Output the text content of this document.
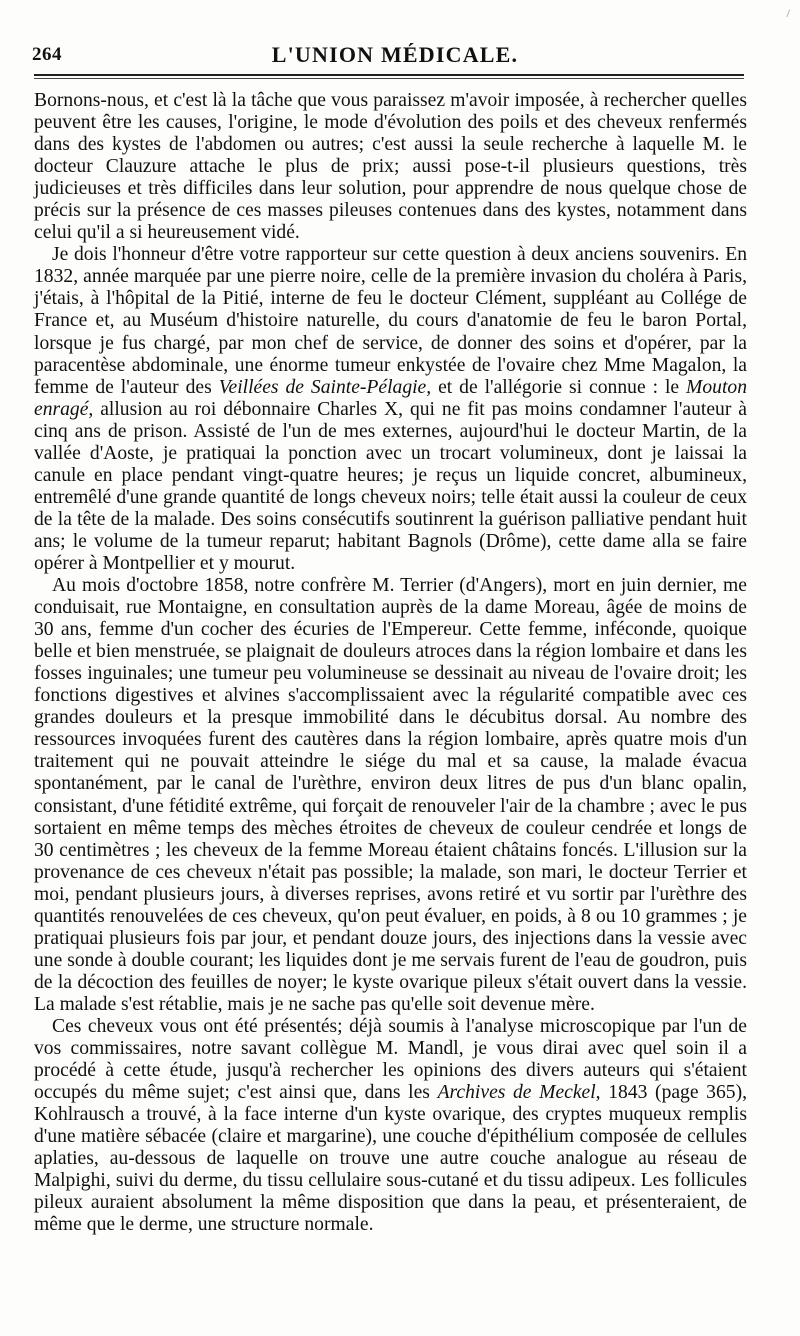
/
264	L'UNION MÉDICALE.

Bornons-nous, et c'est là la tâche que vous paraissez m'avoir imposée, à rechercher quelles peuvent être les causes, l'origine, le mode d'évolution des poils et des cheveux renfermés dans des kystes de l'abdomen ou autres; c'est aussi la seule recherche à laquelle M. le docteur Clauzure attache le plus de prix; aussi pose-t-il plusieurs questions, très judicieuses et très difficiles dans leur solution, pour apprendre de nous quelque chose de précis sur la présence de ces masses pileuses contenues dans des kystes, notamment dans celui qu'il a si heureusement vidé.

Je dois l'honneur d'être votre rapporteur sur cette question à deux anciens souvenirs. En 1832, année marquée par une pierre noire, celle de la première invasion du choléra à Paris, j'étais, à l'hôpital de la Pitié, interne de feu le docteur Clément, suppléant au Collége de France et, au Muséum d'histoire naturelle, du cours d'anatomie de feu le baron Portal, lorsque je fus chargé, par mon chef de service, de donner des soins et d'opérer, par la paracentèse abdominale, une énorme tumeur enkystée de l'ovaire chez Mme Magalon, la femme de l'auteur des Veillées de Sainte-Pélagie, et de l'allégorie si connue : le Mouton enragé, allusion au roi débonnaire Charles X, qui ne fit pas moins condamner l'auteur à cinq ans de prison. Assisté de l'un de mes externes, aujourd'hui le docteur Martin, de la vallée d'Aoste, je pratiquai la ponction avec un trocart volumineux, dont je laissai la canule en place pendant vingt-quatre heures; je reçus un liquide concret, albumineux, entremêlé d'une grande quantité de longs cheveux noirs; telle était aussi la couleur de ceux de la tête de la malade. Des soins consécutifs soutinrent la guérison palliative pendant huit ans; le volume de la tumeur reparut; habitant Bagnols (Drôme), cette dame alla se faire opérer à Montpellier et y mourut.

Au mois d'octobre 1858, notre confrère M. Terrier (d'Angers), mort en juin dernier, me conduisait, rue Montaigne, en consultation auprès de la dame Moreau, âgée de moins de 30 ans, femme d'un cocher des écuries de l'Empereur. Cette femme, inféconde, quoique belle et bien menstruée, se plaignait de douleurs atroces dans la région lombaire et dans les fosses inguinales; une tumeur peu volumineuse se dessinait au niveau de l'ovaire droit; les fonctions digestives et alvines s'accomplissaient avec la régularité compatible avec ces grandes douleurs et la presque immobilité dans le décubitus dorsal. Au nombre des ressources invoquées furent des cautères dans la région lombaire, après quatre mois d'un traitement qui ne pouvait atteindre le siége du mal et sa cause, la malade évacua spontanément, par le canal de l'urèthre, environ deux litres de pus d'un blanc opalin, consistant, d'une fétidité extrême, qui forçait de renouveler l'air de la chambre ; avec le pus sortaient en même temps des mèches étroites de cheveux de couleur cendrée et longs de 30 centimètres ; les cheveux de la femme Moreau étaient châtains foncés. L'illusion sur la provenance de ces cheveux n'était pas possible; la malade, son mari, le docteur Terrier et moi, pendant plusieurs jours, à diverses reprises, avons retiré et vu sortir par l'urèthre des quantités renouvelées de ces cheveux, qu'on peut évaluer, en poids, à 8 ou 10 grammes ; je pratiquai plusieurs fois par jour, et pendant douze jours, des injections dans la vessie avec une sonde à double courant; les liquides dont je me servais furent de l'eau de goudron, puis de la décoction des feuilles de noyer; le kyste ovarique pileux s'était ouvert dans la vessie. La malade s'est rétablie, mais je ne sache pas qu'elle soit devenue mère.

Ces cheveux vous ont été présentés; déjà soumis à l'analyse microscopique par l'un de vos commissaires, notre savant collègue M. Mandl, je vous dirai avec quel soin il a procédé à cette étude, jusqu'à rechercher les opinions des divers auteurs qui s'étaient occupés du même sujet; c'est ainsi que, dans les Archives de Meckel, 1843 (page 365), Kohlrausch a trouvé, à la face interne d'un kyste ovarique, des cryptes muqueux remplis d'une matière sébacée (claire et margarine), une couche d'épithélium composée de cellules aplaties, au-dessous de laquelle on trouve une autre couche analogue au réseau de Malpighi, suivi du derme, du tissu cellulaire sous-cutané et du tissu adipeux. Les follicules pileux auraient absolument la même disposition que dans la peau, et présenteraient, de même que le derme, une structure normale.
